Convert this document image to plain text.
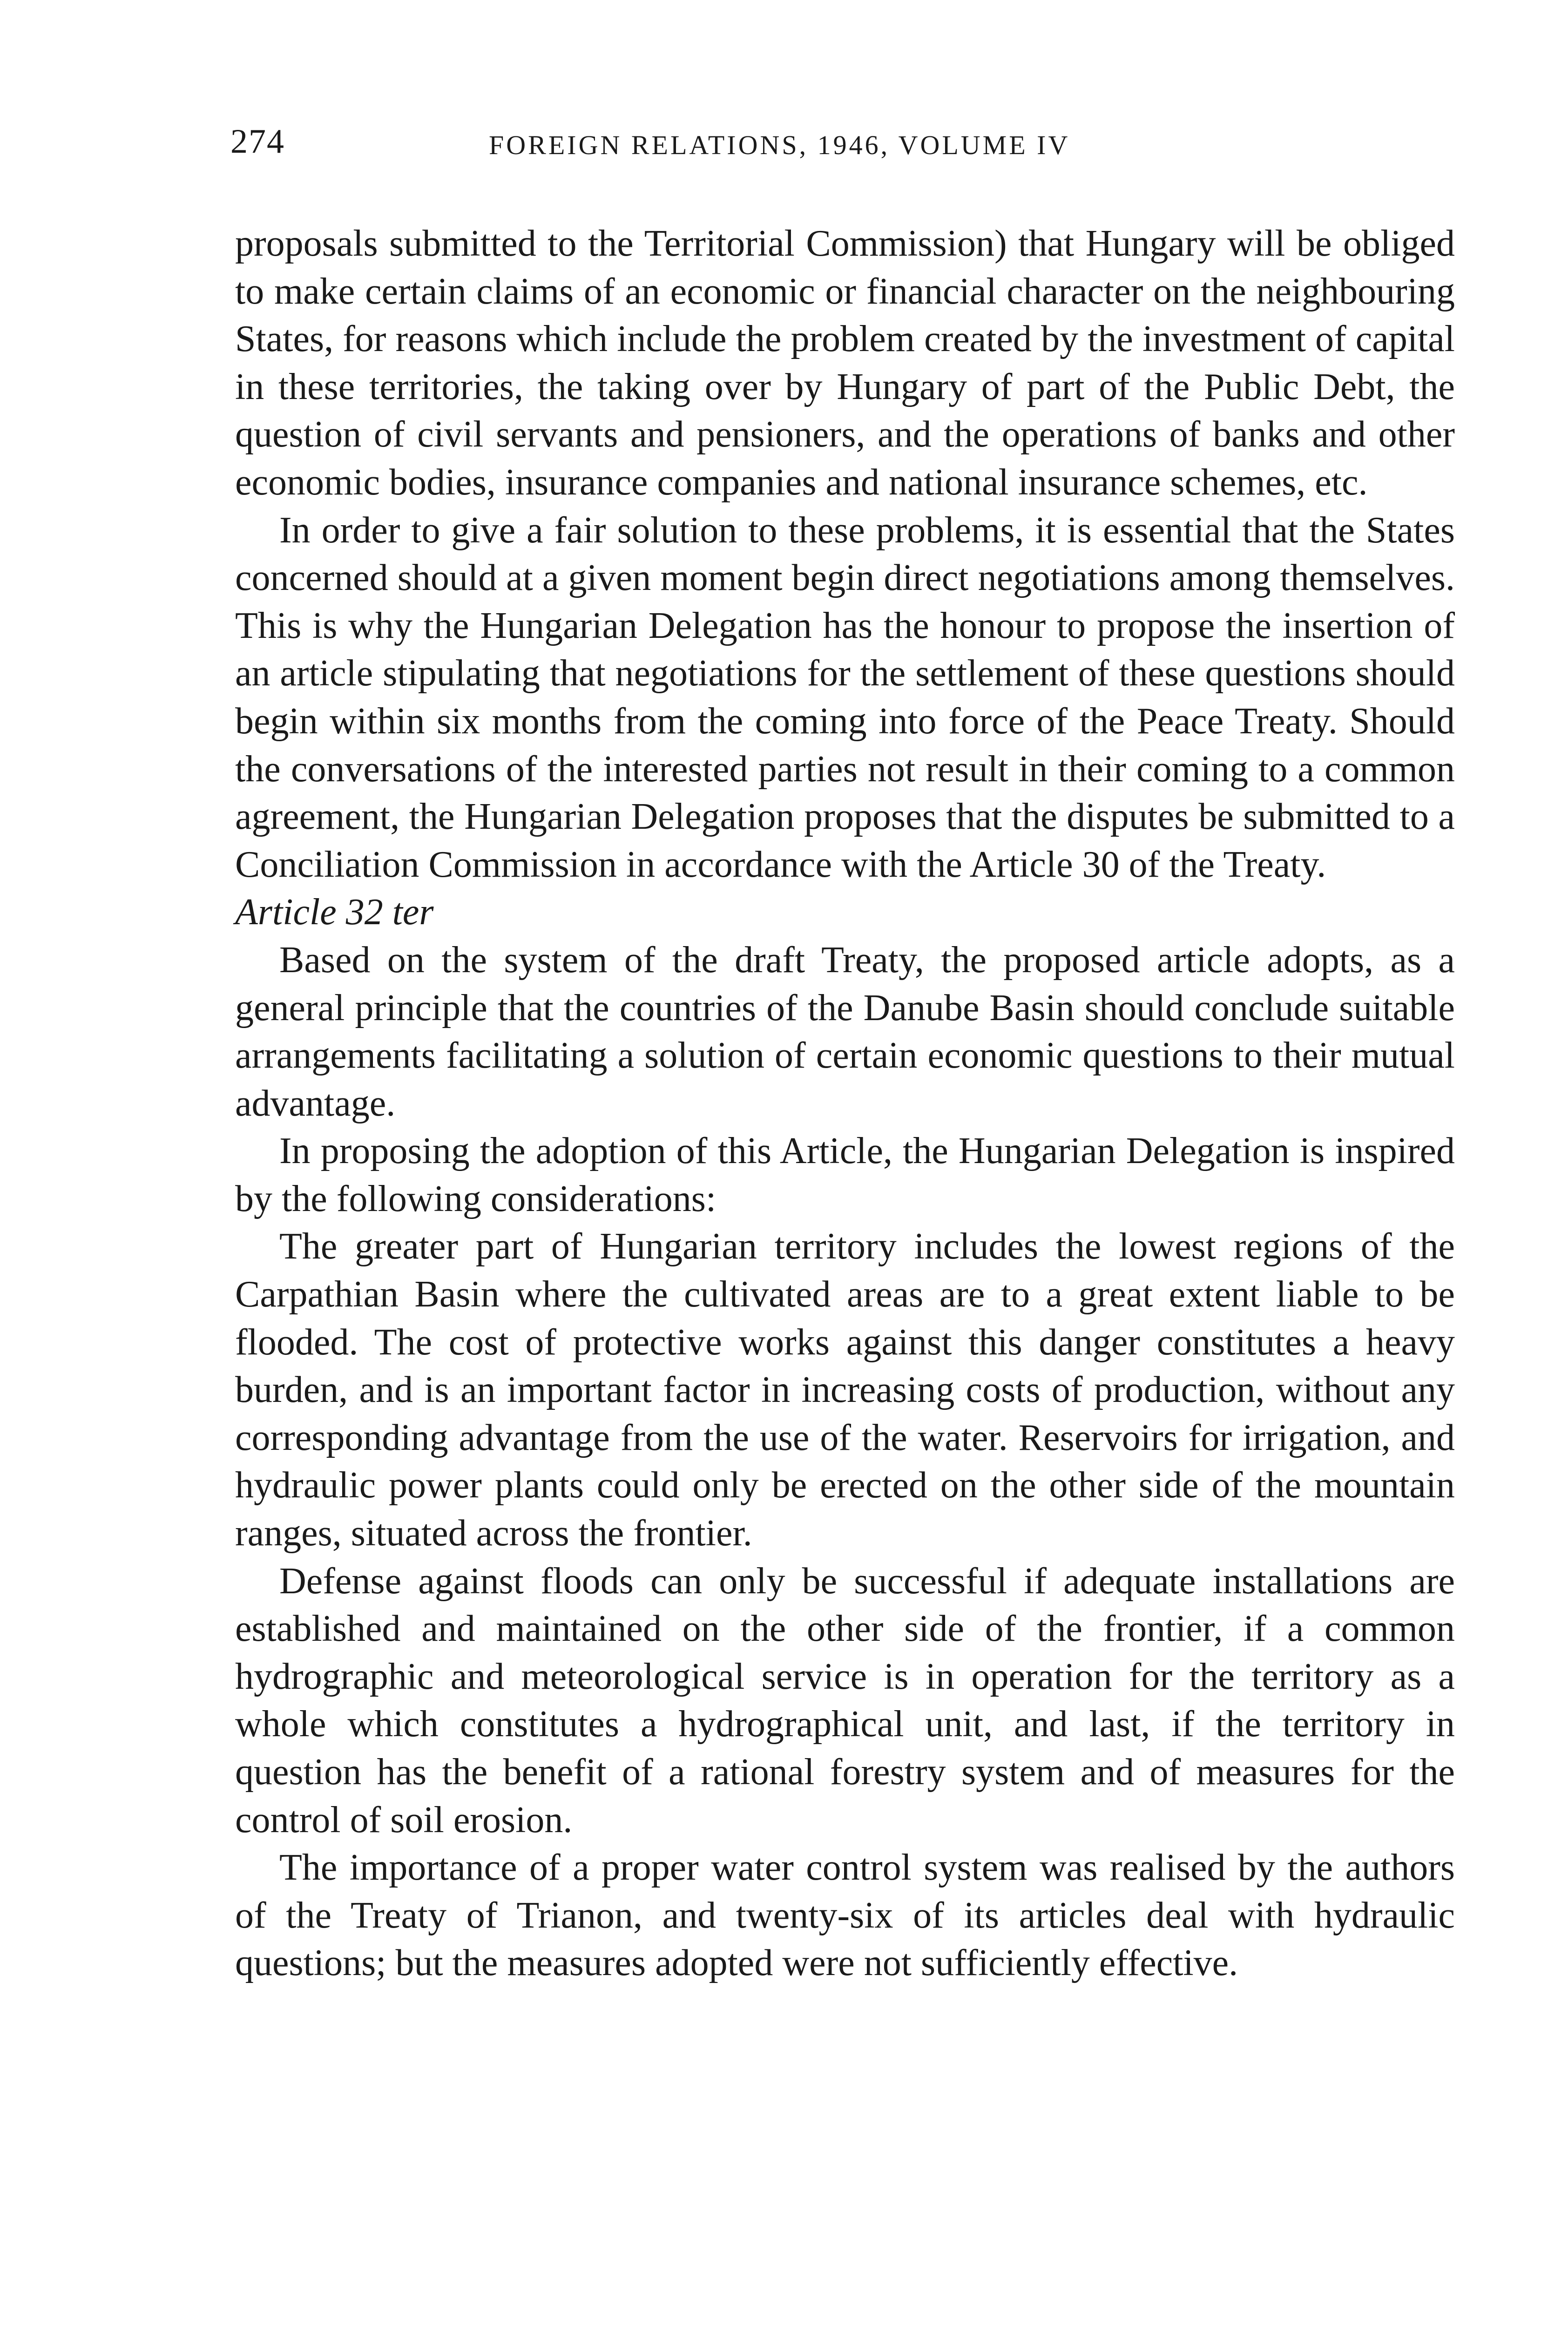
274	FOREIGN RELATIONS, 1946, VOLUME IV

proposals submitted to the Territorial Commission) that Hungary will be obliged to make certain claims of an economic or financial character on the neighbouring States, for reasons which include the problem created by the investment of capital in these territories, the taking over by Hungary of part of the Public Debt, the question of civil servants and pensioners, and the operations of banks and other economic bodies, insurance companies and national insurance schemes, etc.

In order to give a fair solution to these problems, it is essential that the States concerned should at a given moment begin direct negotiations among themselves. This is why the Hungarian Delegation has the honour to propose the insertion of an article stipulating that negotiations for the settlement of these questions should begin within six months from the coming into force of the Peace Treaty. Should the conversations of the interested parties not result in their coming to a common agreement, the Hungarian Delegation proposes that the disputes be submitted to a Conciliation Commission in accordance with the Article 30 of the Treaty.

Article 32 ter

Based on the system of the draft Treaty, the proposed article adopts, as a general principle that the countries of the Danube Basin should conclude suitable arrangements facilitating a solution of certain economic questions to their mutual advantage.

In proposing the adoption of this Article, the Hungarian Delegation is inspired by the following considerations:

The greater part of Hungarian territory includes the lowest regions of the Carpathian Basin where the cultivated areas are to a great extent liable to be flooded. The cost of protective works against this danger constitutes a heavy burden, and is an important factor in increasing costs of production, without any corresponding advantage from the use of the water. Reservoirs for irrigation, and hydraulic power plants could only be erected on the other side of the mountain ranges, situated across the frontier.

Defense against floods can only be successful if adequate installations are established and maintained on the other side of the frontier, if a common hydrographic and meteorological service is in operation for the territory as a whole which constitutes a hydrographical unit, and last, if the territory in question has the benefit of a rational forestry system and of measures for the control of soil erosion.

The importance of a proper water control system was realised by the authors of the Treaty of Trianon, and twenty-six of its articles deal with hydraulic questions; but the measures adopted were not sufficiently effective.
